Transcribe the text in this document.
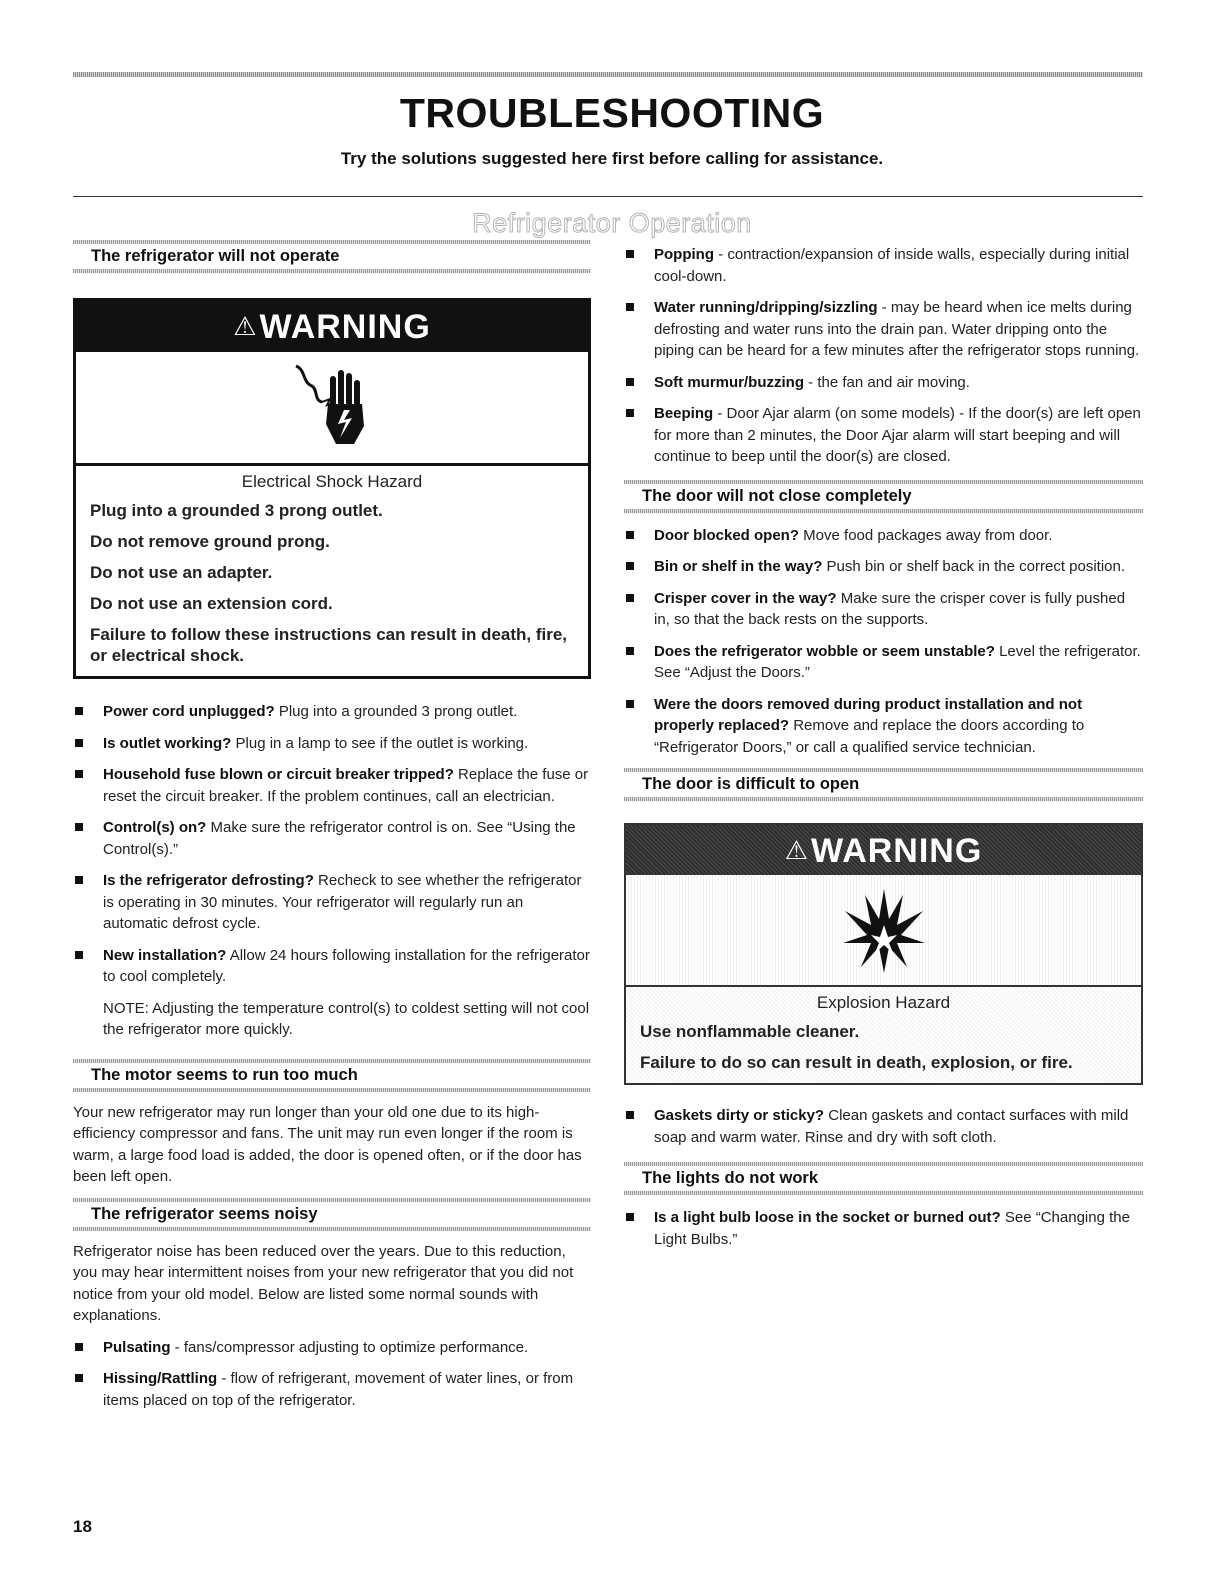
TROUBLESHOOTING
Try the solutions suggested here first before calling for assistance.
Refrigerator Operation
The refrigerator will not operate
⚠WARNING
Electrical Shock Hazard
Plug into a grounded 3 prong outlet.
Do not remove ground prong.
Do not use an adapter.
Do not use an extension cord.
Failure to follow these instructions can result in death, fire, or electrical shock.
Power cord unplugged? Plug into a grounded 3 prong outlet.
Is outlet working? Plug in a lamp to see if the outlet is working.
Household fuse blown or circuit breaker tripped? Replace the fuse or reset the circuit breaker. If the problem continues, call an electrician.
Control(s) on? Make sure the refrigerator control is on. See “Using the Control(s).”
Is the refrigerator defrosting? Recheck to see whether the refrigerator is operating in 30 minutes. Your refrigerator will regularly run an automatic defrost cycle.
New installation? Allow 24 hours following installation for the refrigerator to cool completely.
NOTE: Adjusting the temperature control(s) to coldest setting will not cool the refrigerator more quickly.
The motor seems to run too much
Your new refrigerator may run longer than your old one due to its high-efficiency compressor and fans. The unit may run even longer if the room is warm, a large food load is added, the door is opened often, or if the door has been left open.
The refrigerator seems noisy
Refrigerator noise has been reduced over the years. Due to this reduction, you may hear intermittent noises from your new refrigerator that you did not notice from your old model. Below are listed some normal sounds with explanations.
Pulsating - fans/compressor adjusting to optimize performance.
Hissing/Rattling - flow of refrigerant, movement of water lines, or from items placed on top of the refrigerator.
Popping - contraction/expansion of inside walls, especially during initial cool-down.
Water running/dripping/sizzling - may be heard when ice melts during defrosting and water runs into the drain pan. Water dripping onto the piping can be heard for a few minutes after the refrigerator stops running.
Soft murmur/buzzing - the fan and air moving.
Beeping - Door Ajar alarm (on some models) - If the door(s) are left open for more than 2 minutes, the Door Ajar alarm will start beeping and will continue to beep until the door(s) are closed.
The door will not close completely
Door blocked open? Move food packages away from door.
Bin or shelf in the way? Push bin or shelf back in the correct position.
Crisper cover in the way? Make sure the crisper cover is fully pushed in, so that the back rests on the supports.
Does the refrigerator wobble or seem unstable? Level the refrigerator. See “Adjust the Doors.”
Were the doors removed during product installation and not properly replaced? Remove and replace the doors according to “Refrigerator Doors,” or call a qualified service technician.
The door is difficult to open
⚠WARNING
Explosion Hazard
Use nonflammable cleaner.
Failure to do so can result in death, explosion, or fire.
Gaskets dirty or sticky? Clean gaskets and contact surfaces with mild soap and warm water. Rinse and dry with soft cloth.
The lights do not work
Is a light bulb loose in the socket or burned out? See “Changing the Light Bulbs.”
18
